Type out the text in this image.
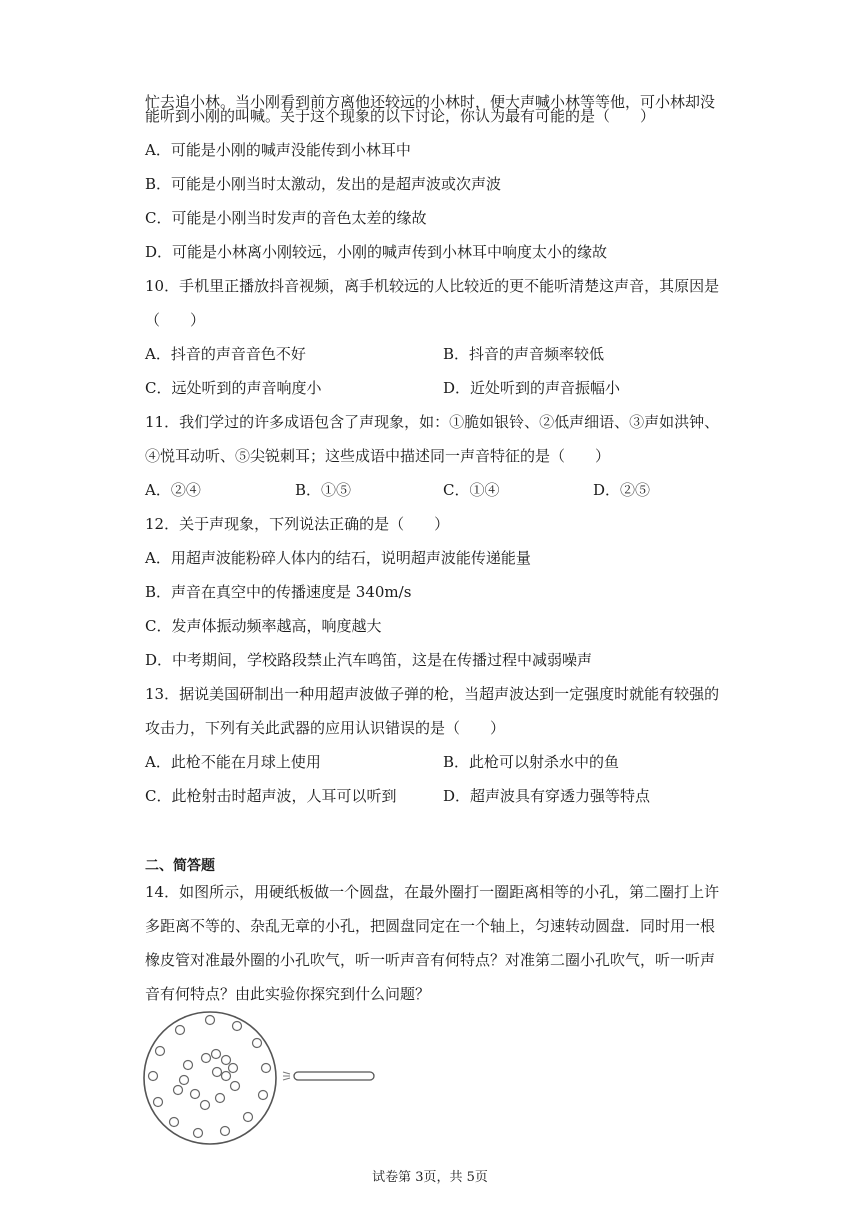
忙去追小林。当小刚看到前方离他还较远的小林时，便大声喊小林等等他，可小林却没
能听到小刚的叫喊。关于这个现象的以下讨论，你认为最有可能的是（　　）
A．可能是小刚的喊声没能传到小林耳中
B．可能是小刚当时太激动，发出的是超声波或次声波
C．可能是小刚当时发声的音色太差的缘故
D．可能是小林离小刚较远，小刚的喊声传到小林耳中响度太小的缘故
10．手机里正播放抖音视频，离手机较远的人比较近的更不能听清楚这声音，其原因是
（　　）
A．抖音的声音音色不好	B．抖音的声音频率较低
C．远处听到的声音响度小	D．近处听到的声音振幅小
11．我们学过的许多成语包含了声现象，如：①脆如银铃、②低声细语、③声如洪钟、
④悦耳动听、⑤尖锐刺耳；这些成语中描述同一声音特征的是（　　）
A．②④	B．①⑤	C．①④	D．②⑤
12．关于声现象，下列说法正确的是（　　）
A．用超声波能粉碎人体内的结石，说明超声波能传递能量
B．声音在真空中的传播速度是 340m/s
C．发声体振动频率越高，响度越大
D．中考期间，学校路段禁止汽车鸣笛，这是在传播过程中减弱噪声
13．据说美国研制出一种用超声波做子弹的枪，当超声波达到一定强度时就能有较强的
攻击力，下列有关此武器的应用认识错误的是（　　）
A．此枪不能在月球上使用	B．此枪可以射杀水中的鱼
C．此枪射击时超声波，人耳可以听到	D．超声波具有穿透力强等特点
二、简答题
14．如图所示，用硬纸板做一个圆盘，在最外圈打一圈距离相等的小孔，第二圈打上许
多距离不等的、杂乱无章的小孔，把圆盘同定在一个轴上，匀速转动圆盘．同时用一根
橡皮管对准最外圈的小孔吹气，听一听声音有何特点？对准第二圈小孔吹气，听一听声
音有何特点？由此实验你探究到什么问题？
试卷第 3页，共 5页
